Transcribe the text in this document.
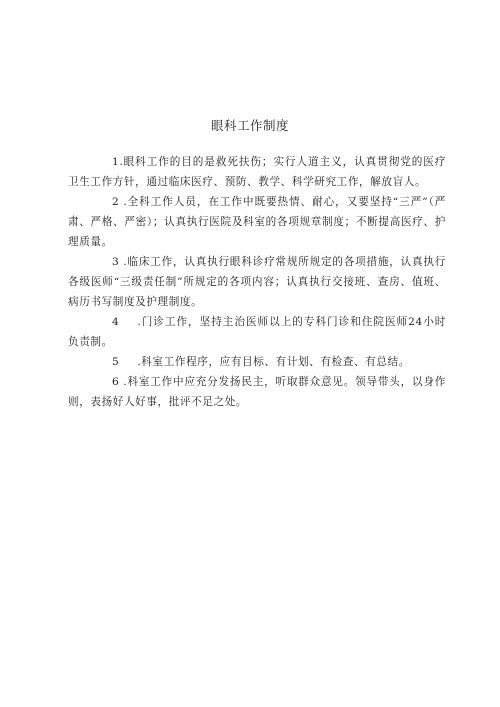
眼科工作制度

1.眼科工作的目的是救死扶伤；实行人道主义，认真贯彻党的医疗卫生工作方针，通过临床医疗、预防、教学、科学研究工作，解放盲人。

2 .全科工作人员，在工作中既要热情、耐心，又要坚持“三严”（严肃、严格、严密）；认真执行医院及科室的各项规章制度；不断提高医疗、护理质量。

3 .临床工作，认真执行眼科诊疗常规所规定的各项措施，认真执行各级医师“三级责任制”所规定的各项内容；认真执行交接班、查房、值班、病历书写制度及护理制度。

4 .门诊工作，坚持主治医师以上的专科门诊和住院医师24小时负责制。

5 .科室工作程序，应有目标、有计划、有检查、有总结。

6 .科室工作中应充分发扬民主，听取群众意见。领导带头，以身作则，表扬好人好事，批评不足之处。
